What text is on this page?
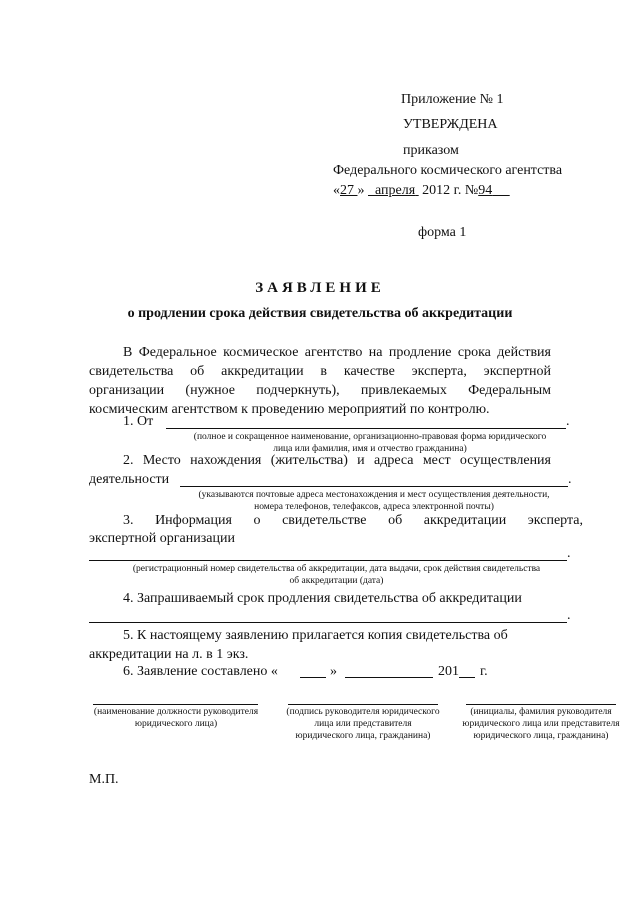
Приложение № 1
УТВЕРЖДЕНА
приказом
Федерального космического агентства
«27 » апреля 2012 г. №94
форма 1
ЗАЯВЛЕНИЕ
о продлении срока действия свидетельства об аккредитации
В Федеральное космическое агентство на продление срока действия
свидетельства об аккредитации в качестве эксперта, экспертной
организации (нужное подчеркнуть), привлекаемых Федеральным
космическим агентством к проведению мероприятий по контролю.
1. От	.
(полное и сокращенное наименование, организационно-правовая форма юридического
лица или фамилия, имя и отчество гражданина)
2. Место нахождения (жительства) и адреса мест осуществления
деятельности	.
(указываются почтовые адреса местонахождения и мест осуществления деятельности,
номера телефонов, телефаксов, адреса электронной почты)
3. Информация о свидетельстве об аккредитации эксперта,
экспертной организации
.
(регистрационный номер свидетельства об аккредитации, дата выдачи, срок действия свидетельства
об аккредитации (дата)
4. Запрашиваемый срок продления свидетельства об аккредитации
.
5. К настоящему заявлению прилагается копия свидетельства об
аккредитации на л. в 1 экз.
6. Заявление составлено «	»	201 г.
(наименование должности руководителя юридического лица)
(подпись руководителя юридического лица или представителя юридического лица, гражданина)
(инициалы, фамилия руководителя юридического лица или представителя юридического лица, гражданина)
М.П.
